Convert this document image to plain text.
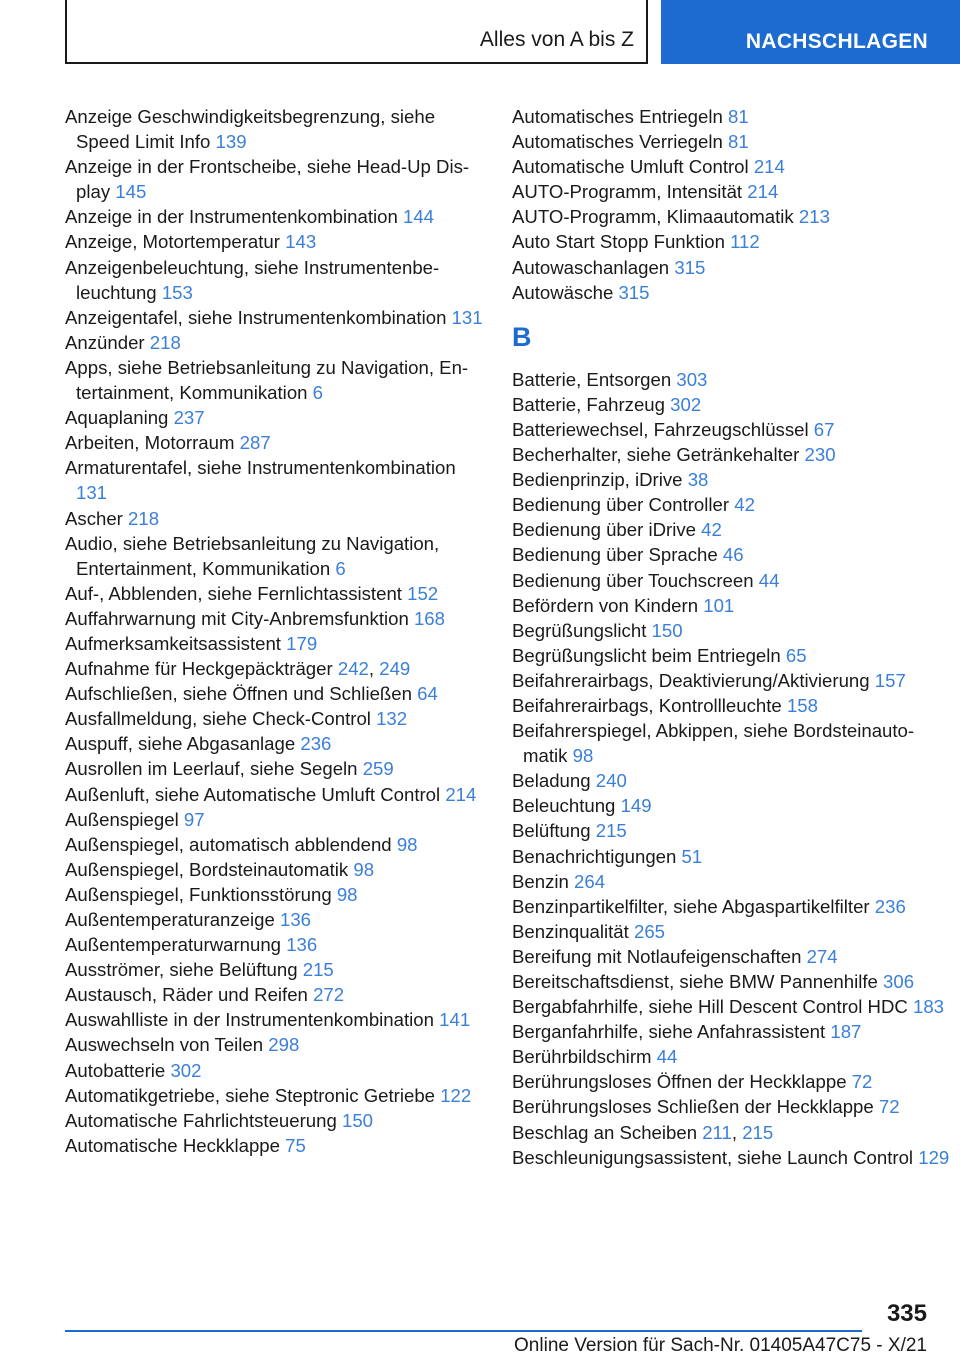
Alles von A bis Z	NACHSCHLAGEN

Anzeige Geschwindigkeitsbegrenzung, siehe Speed Limit Info 139

Anzeige in der Frontscheibe, siehe Head-Up Display 145

Anzeige in der Instrumentenkombination 144

Anzeige, Motortemperatur 143

Anzeigenbeleuchtung, siehe Instrumentenbeleuchtung 153

Anzeigentafel, siehe Instrumentenkombination 131

Anzünder 218

Apps, siehe Betriebsanleitung zu Navigation, Entertainment, Kommunikation 6

Aquaplaning 237

Arbeiten, Motorraum 287

Armaturentafel, siehe Instrumentenkombination 131

Ascher 218

Audio, siehe Betriebsanleitung zu Navigation, Entertainment, Kommunikation 6

Auf-, Abblenden, siehe Fernlichtassistent 152

Auffahrwarnung mit City-Anbremsfunktion 168

Aufmerksamkeitsassistent 179

Aufnahme für Heckgepäckträger 242, 249

Aufschließen, siehe Öffnen und Schließen 64

Ausfallmeldung, siehe Check-Control 132

Auspuff, siehe Abgasanlage 236

Ausrollen im Leerlauf, siehe Segeln 259

Außenluft, siehe Automatische Umluft Control 214

Außenspiegel 97

Außenspiegel, automatisch abblendend 98

Außenspiegel, Bordsteinautomatik 98

Außenspiegel, Funktionsstörung 98

Außentemperaturanzeige 136

Außentemperaturwarnung 136

Ausströmer, siehe Belüftung 215

Austausch, Räder und Reifen 272

Auswahlliste in der Instrumentenkombination 141

Auswechseln von Teilen 298

Autobatterie 302

Automatikgetriebe, siehe Steptronic Getriebe 122

Automatische Fahrlichtsteuerung 150

Automatische Heckklappe 75

Automatisches Entriegeln 81

Automatisches Verriegeln 81

Automatische Umluft Control 214

AUTO-Programm, Intensität 214

AUTO-Programm, Klimaautomatik 213

Auto Start Stopp Funktion 112

Autowaschanlagen 315

Autowäsche 315

B

Batterie, Entsorgen 303

Batterie, Fahrzeug 302

Batteriewechsel, Fahrzeugschlüssel 67

Becherhalter, siehe Getränkehalter 230

Bedienprinzip, iDrive 38

Bedienung über Controller 42

Bedienung über iDrive 42

Bedienung über Sprache 46

Bedienung über Touchscreen 44

Befördern von Kindern 101

Begrüßungslicht 150

Begrüßungslicht beim Entriegeln 65

Beifahrerairbags, Deaktivierung/Aktivierung 157

Beifahrerairbags, Kontrollleuchte 158

Beifahrerspiegel, Abkippen, siehe Bordsteinautomatik 98

Beladung 240

Beleuchtung 149

Belüftung 215

Benachrichtigungen 51

Benzin 264

Benzinpartikelfilter, siehe Abgaspartikelfilter 236

Benzinqualität 265

Bereifung mit Notlaufeigenschaften 274

Bereitschaftsdienst, siehe BMW Pannenhilfe 306

Bergabfahrhilfe, siehe Hill Descent Control HDC 183

Berganfahrhilfe, siehe Anfahrassistent 187

Berührbildschirm 44

Berührungsloses Öffnen der Heckklappe 72

Berührungsloses Schließen der Heckklappe 72

Beschlag an Scheiben 211, 215

Beschleunigungsassistent, siehe Launch Control 129

335
Online Version für Sach-Nr. 01405A47C75 - X/21
